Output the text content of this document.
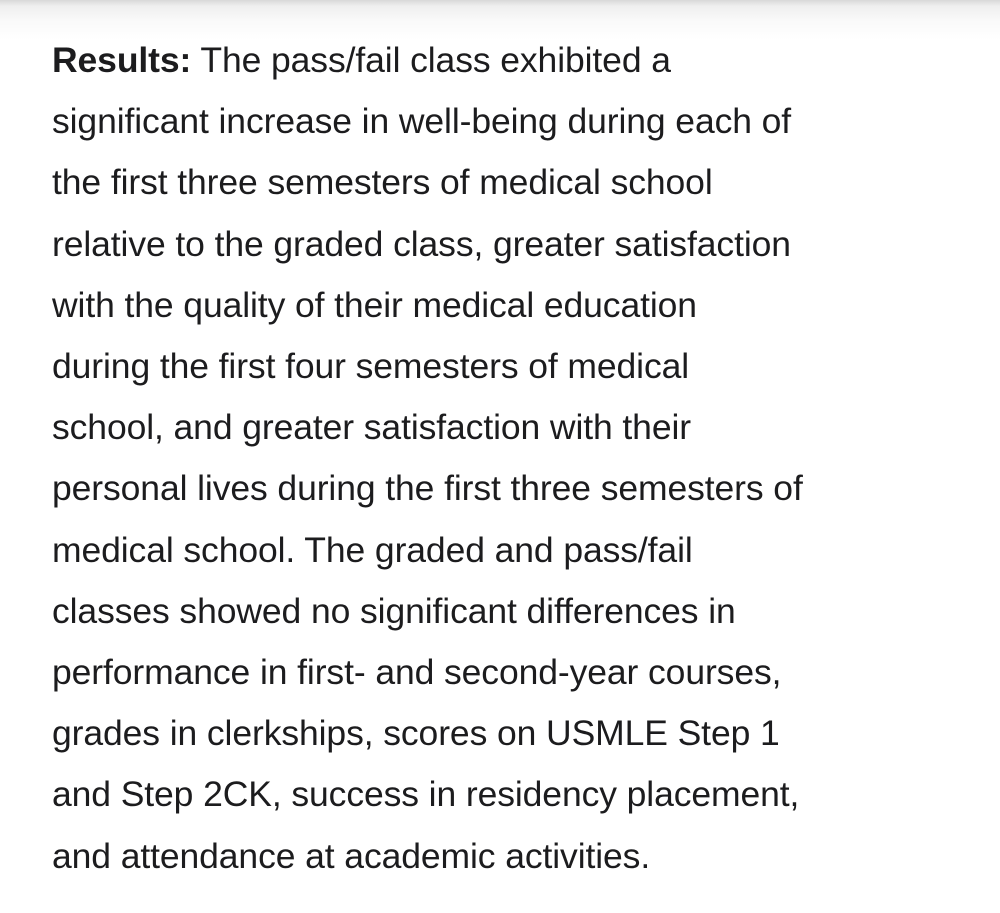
Results: The pass/fail class exhibited a
significant increase in well-being during each of
the first three semesters of medical school
relative to the graded class, greater satisfaction
with the quality of their medical education
during the first four semesters of medical
school, and greater satisfaction with their
personal lives during the first three semesters of
medical school. The graded and pass/fail
classes showed no significant differences in
performance in first- and second-year courses,
grades in clerkships, scores on USMLE Step 1
and Step 2CK, success in residency placement,
and attendance at academic activities.
